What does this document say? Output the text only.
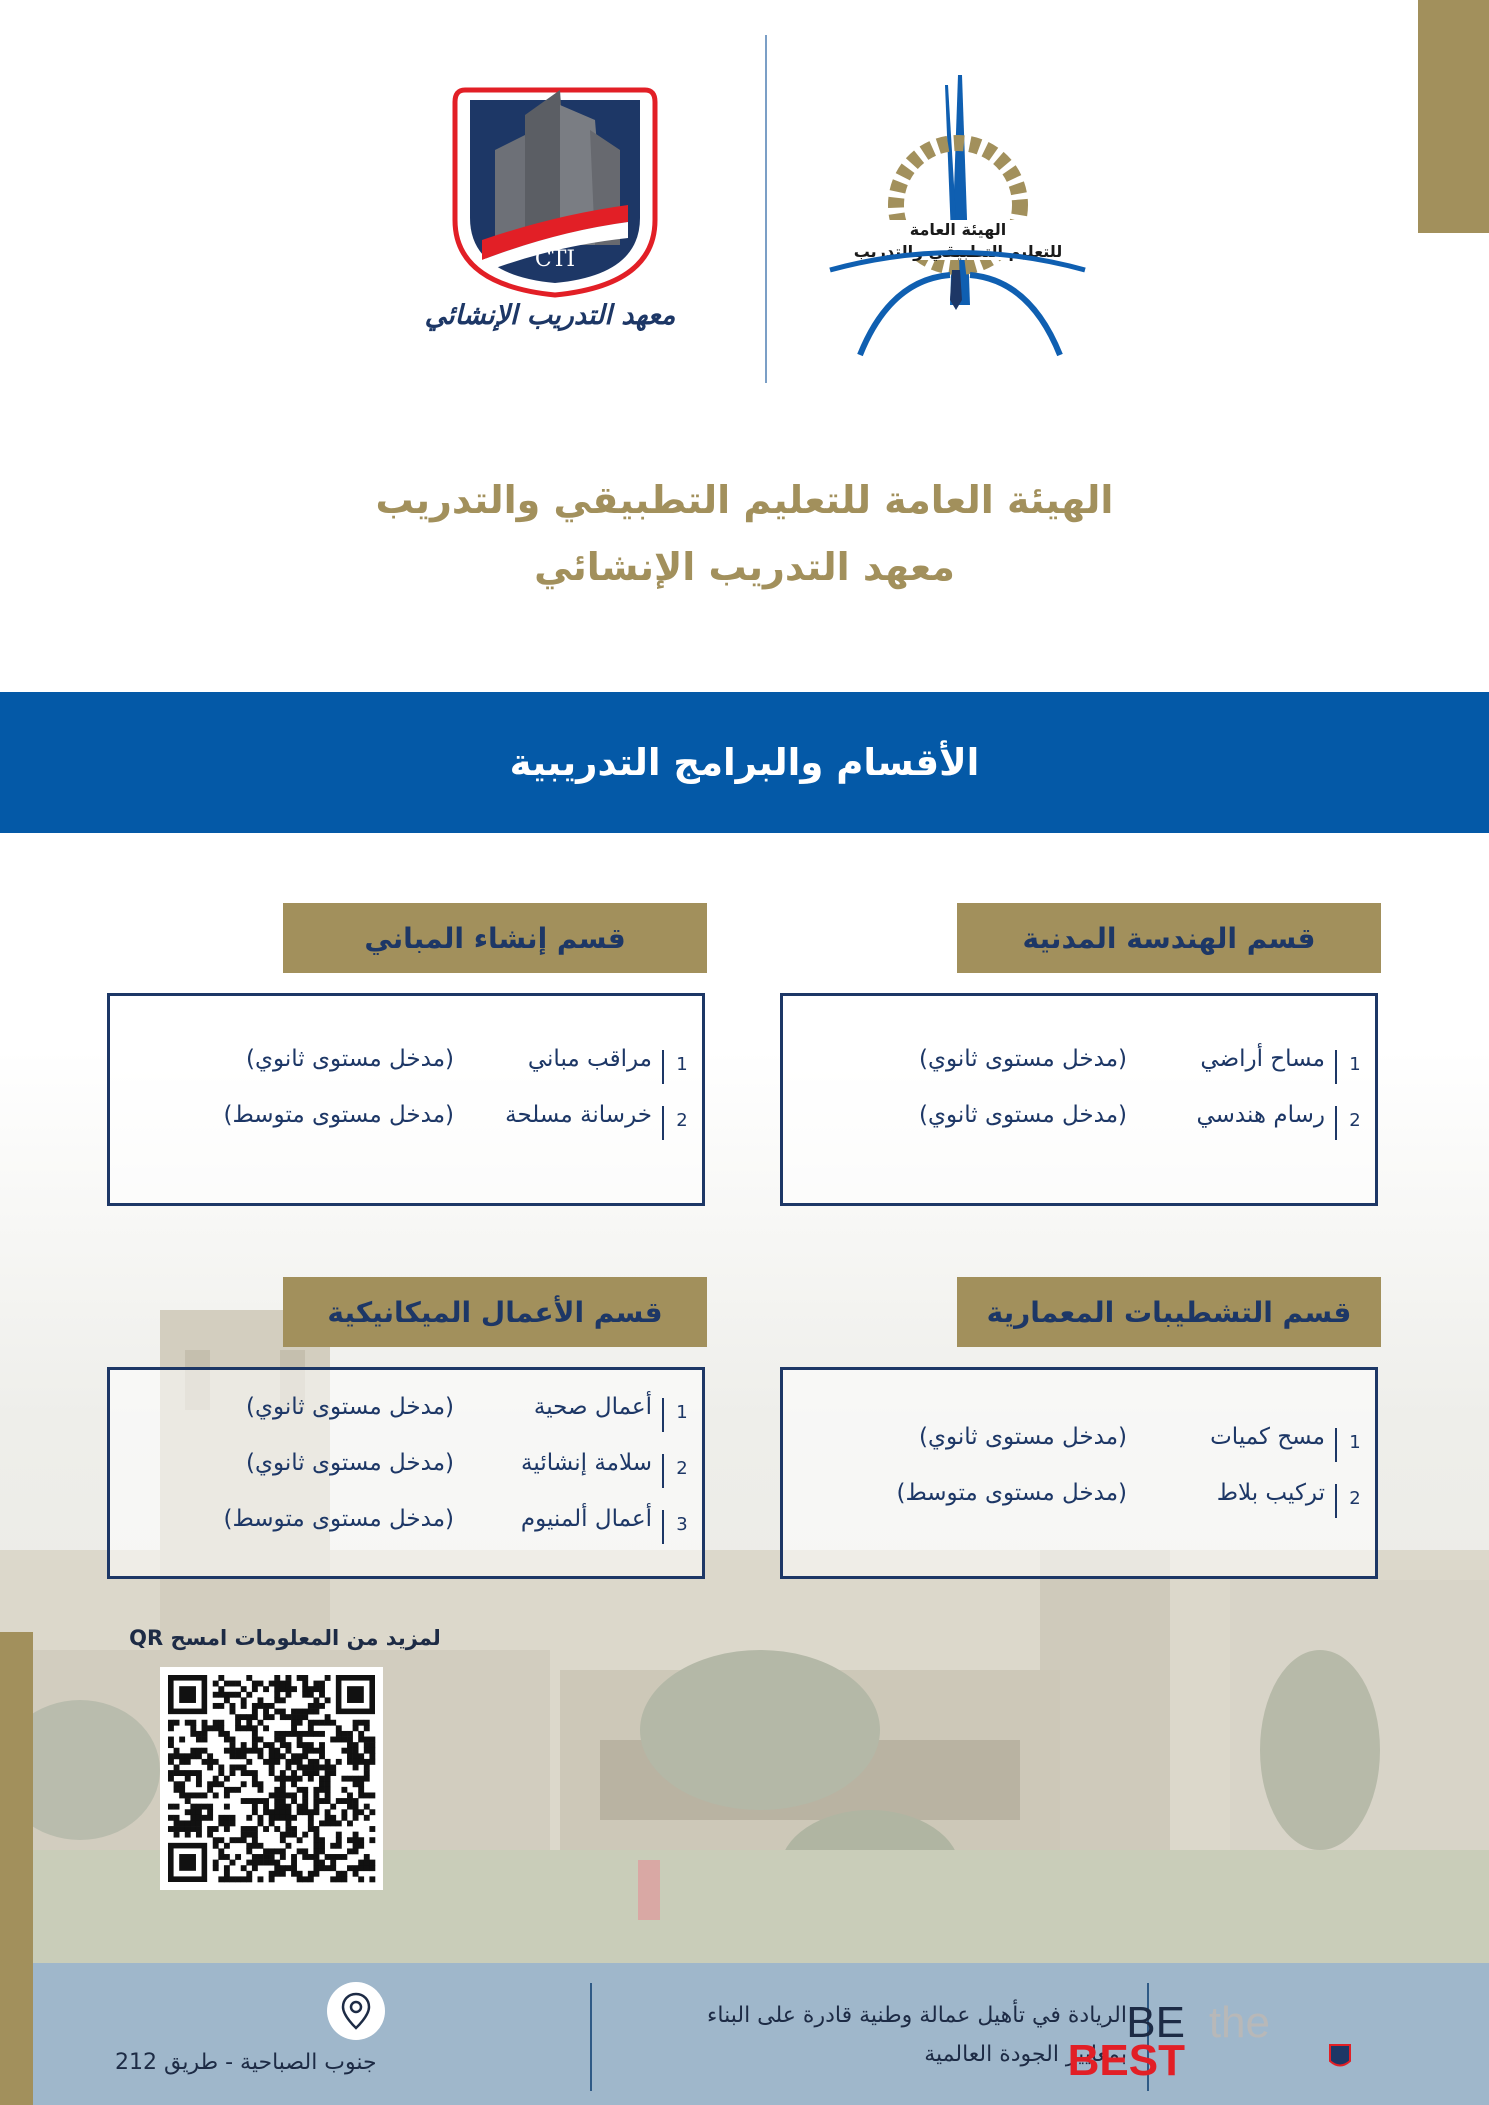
CTI
معهد التدريب الإنشائي
الهيئة العامة
للتعليم التطبيقي والتدريب
الهيئة العامة للتعليم التطبيقي والتدريب
معهد التدريب الإنشائي
الأقسام والبرامج التدريبية
قسم الهندسة المدنية
1
مساح أراضي
(مدخل مستوى ثانوي)
2
رسام هندسي
(مدخل مستوى ثانوي)
قسم إنشاء المباني
1
مراقب مباني
(مدخل مستوى ثانوي)
2
خرسانة مسلحة
(مدخل مستوى متوسط)
قسم التشطيبات المعمارية
1
مسح كميات
(مدخل مستوى ثانوي)
2
تركيب بلاط
(مدخل مستوى متوسط)
قسم الأعمال الميكانيكية
1
أعمال صحية
(مدخل مستوى ثانوي)
2
سلامة إنشائية
(مدخل مستوى ثانوي)
3
أعمال ألمنيوم
(مدخل مستوى متوسط)
لمزيد من المعلومات امسح QR
الريادة في تأهيل عمالة وطنية قادرة على البناء
بمعايير الجودة العالمية
جنوب الصباحية - طريق 212
BE the
BEST
